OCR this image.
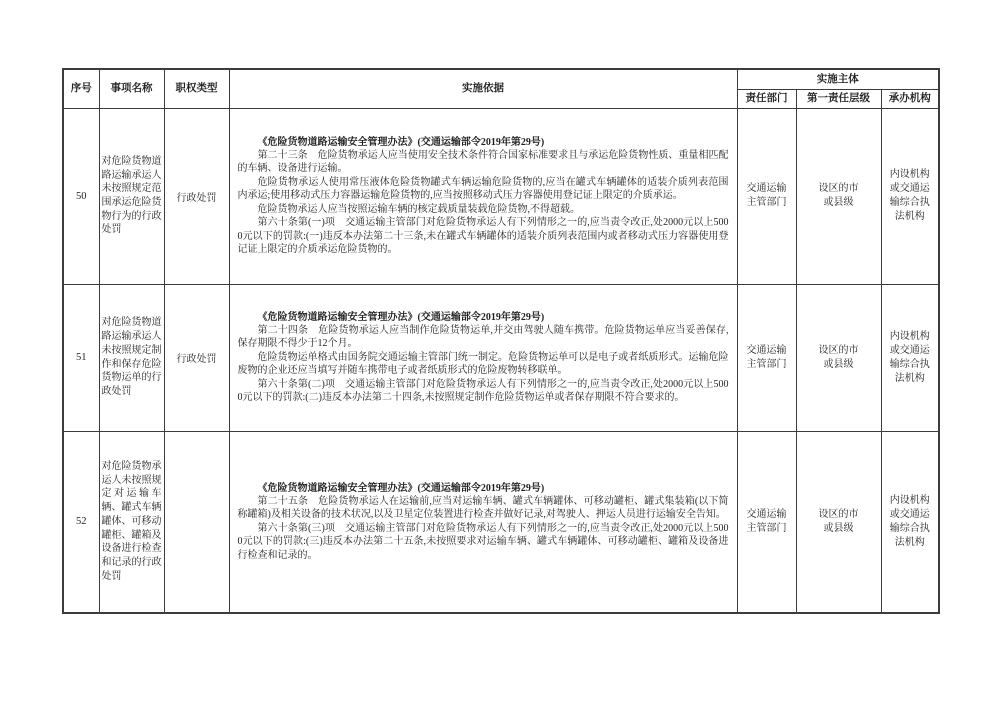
序号	事项名称	职权类型	实施依据	实施主体		
				责任部门	第一责任层级	承办机构
50	对危险货物道路运输承运人未按照规定范围承运危险货物行为的行政处罚	行政处罚	《危险货物道路运输安全管理办法》(交通运输部令2019年第29号)

第二十三条　危险货物承运人应当使用安全技术条件符合国家标准要求且与承运危险货物性质、重量相匹配的车辆、设备进行运输。

危险货物承运人使用常压液体危险货物罐式车辆运输危险货物的,应当在罐式车辆罐体的适装介质列表范围内承运;使用移动式压力容器运输危险货物的,应当按照移动式压力容器使用登记证上限定的介质承运。

危险货物承运人应当按照运输车辆的核定载质量装载危险货物,不得超载。

第六十条第(一)项　交通运输主管部门对危险货物承运人有下列情形之一的,应当责令改正,处2000元以上5000元以下的罚款:(一)违反本办法第二十三条,未在罐式车辆罐体的适装介质列表范围内或者移动式压力容器使用登记证上限定的介质承运危险货物的。	交通运输主管部门	设区的市或县级	内设机构或交通运输综合执法机构
51	对危险货物道路运输承运人未按照规定制作和保存危险货物运单的行政处罚	行政处罚	《危险货物道路运输安全管理办法》(交通运输部令2019年第29号)

第二十四条　危险货物承运人应当制作危险货物运单,并交由驾驶人随车携带。危险货物运单应当妥善保存,保存期限不得少于12个月。

危险货物运单格式由国务院交通运输主管部门统一制定。危险货物运单可以是电子或者纸质形式。运输危险废物的企业还应当填写并随车携带电子或者纸质形式的危险废物转移联单。

第六十条第(二)项　交通运输主管部门对危险货物承运人有下列情形之一的,应当责令改正,处2000元以上5000元以下的罚款:(二)违反本办法第二十四条,未按照规定制作危险货物运单或者保存期限不符合要求的。	交通运输主管部门	设区的市或县级	内设机构或交通运输综合执法机构
52	对危险货物承运人未按照规定对运输车辆、罐式车辆罐体、可移动罐柜、罐箱及设备进行检查和记录的行政处罚		《危险货物道路运输安全管理办法》(交通运输部令2019年第29号)

第二十五条　危险货物承运人在运输前,应当对运输车辆、罐式车辆罐体、可移动罐柜、罐式集装箱(以下简称罐箱)及相关设备的技术状况,以及卫星定位装置进行检查并做好记录,对驾驶人、押运人员进行运输安全告知。

第六十条第(三)项　交通运输主管部门对危险货物承运人有下列情形之一的,应当责令改正,处2000元以上5000元以下的罚款:(三)违反本办法第二十五条,未按照要求对运输车辆、罐式车辆罐体、可移动罐柜、罐箱及设备进行检查和记录的。	交通运输主管部门	设区的市或县级	内设机构或交通运输综合执法机构
